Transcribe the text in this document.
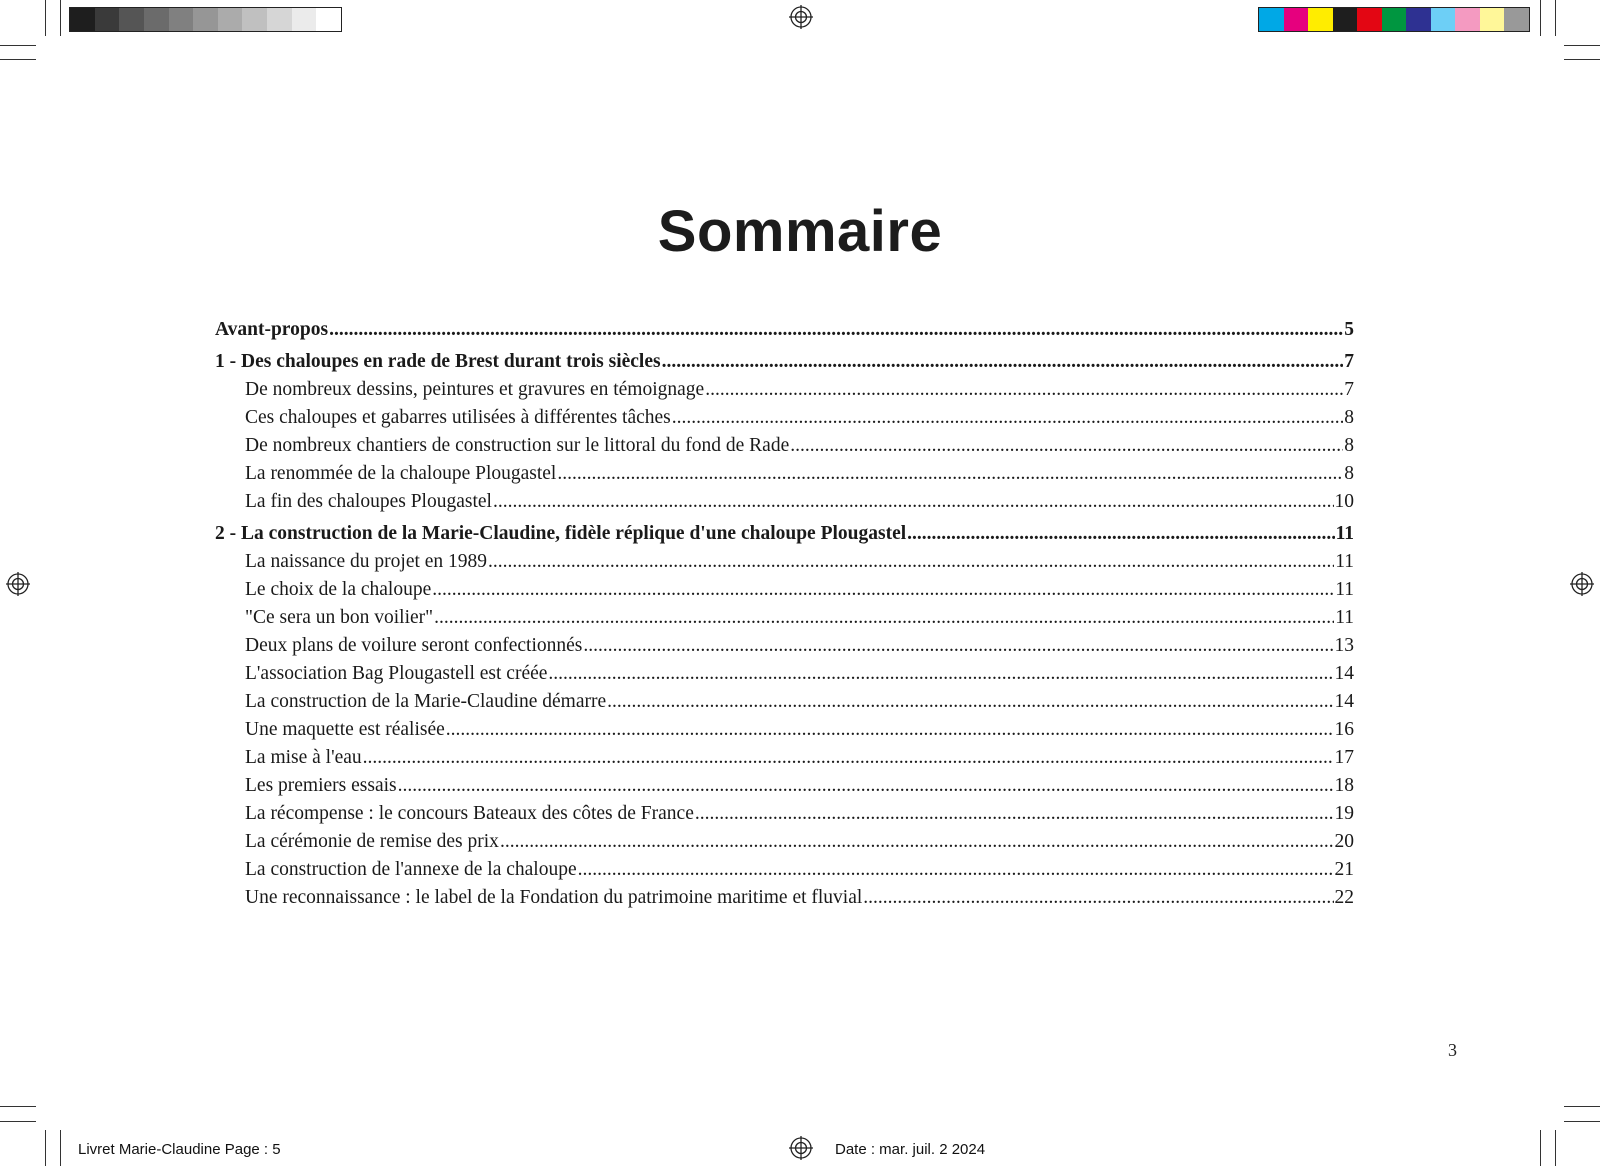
Sommaire
Avant-propos .....	5
1 - Des chaloupes en rade de Brest durant trois siècles .....	7
De nombreux dessins, peintures et gravures en témoignage .....	7
Ces chaloupes et gabarres utilisées à différentes tâches .....	8
De nombreux chantiers de construction sur le littoral du fond de Rade .....	8
La renommée de la chaloupe Plougastel .....	8
La fin des chaloupes Plougastel .....	10
2 - La construction de la Marie-Claudine, fidèle réplique d'une chaloupe Plougastel .....	11
La naissance du projet en 1989 .....	11
Le choix de la chaloupe .....	11
"Ce sera un bon voilier" .....	11
Deux plans de voilure seront confectionnés .....	13
L'association Bag Plougastell est créée .....	14
La construction de la Marie-Claudine démarre .....	14
Une maquette est réalisée .....	16
La mise à l'eau .....	17
Les premiers essais .....	18
La récompense : le concours Bateaux des côtes de France .....	19
La cérémonie de remise des prix .....	20
La construction de l'annexe de la chaloupe .....	21
Une reconnaissance : le label de la Fondation du patrimoine maritime et fluvial .....	22
3
Livret Marie-Claudine Page : 5	Date : mar. juil. 2 2024
